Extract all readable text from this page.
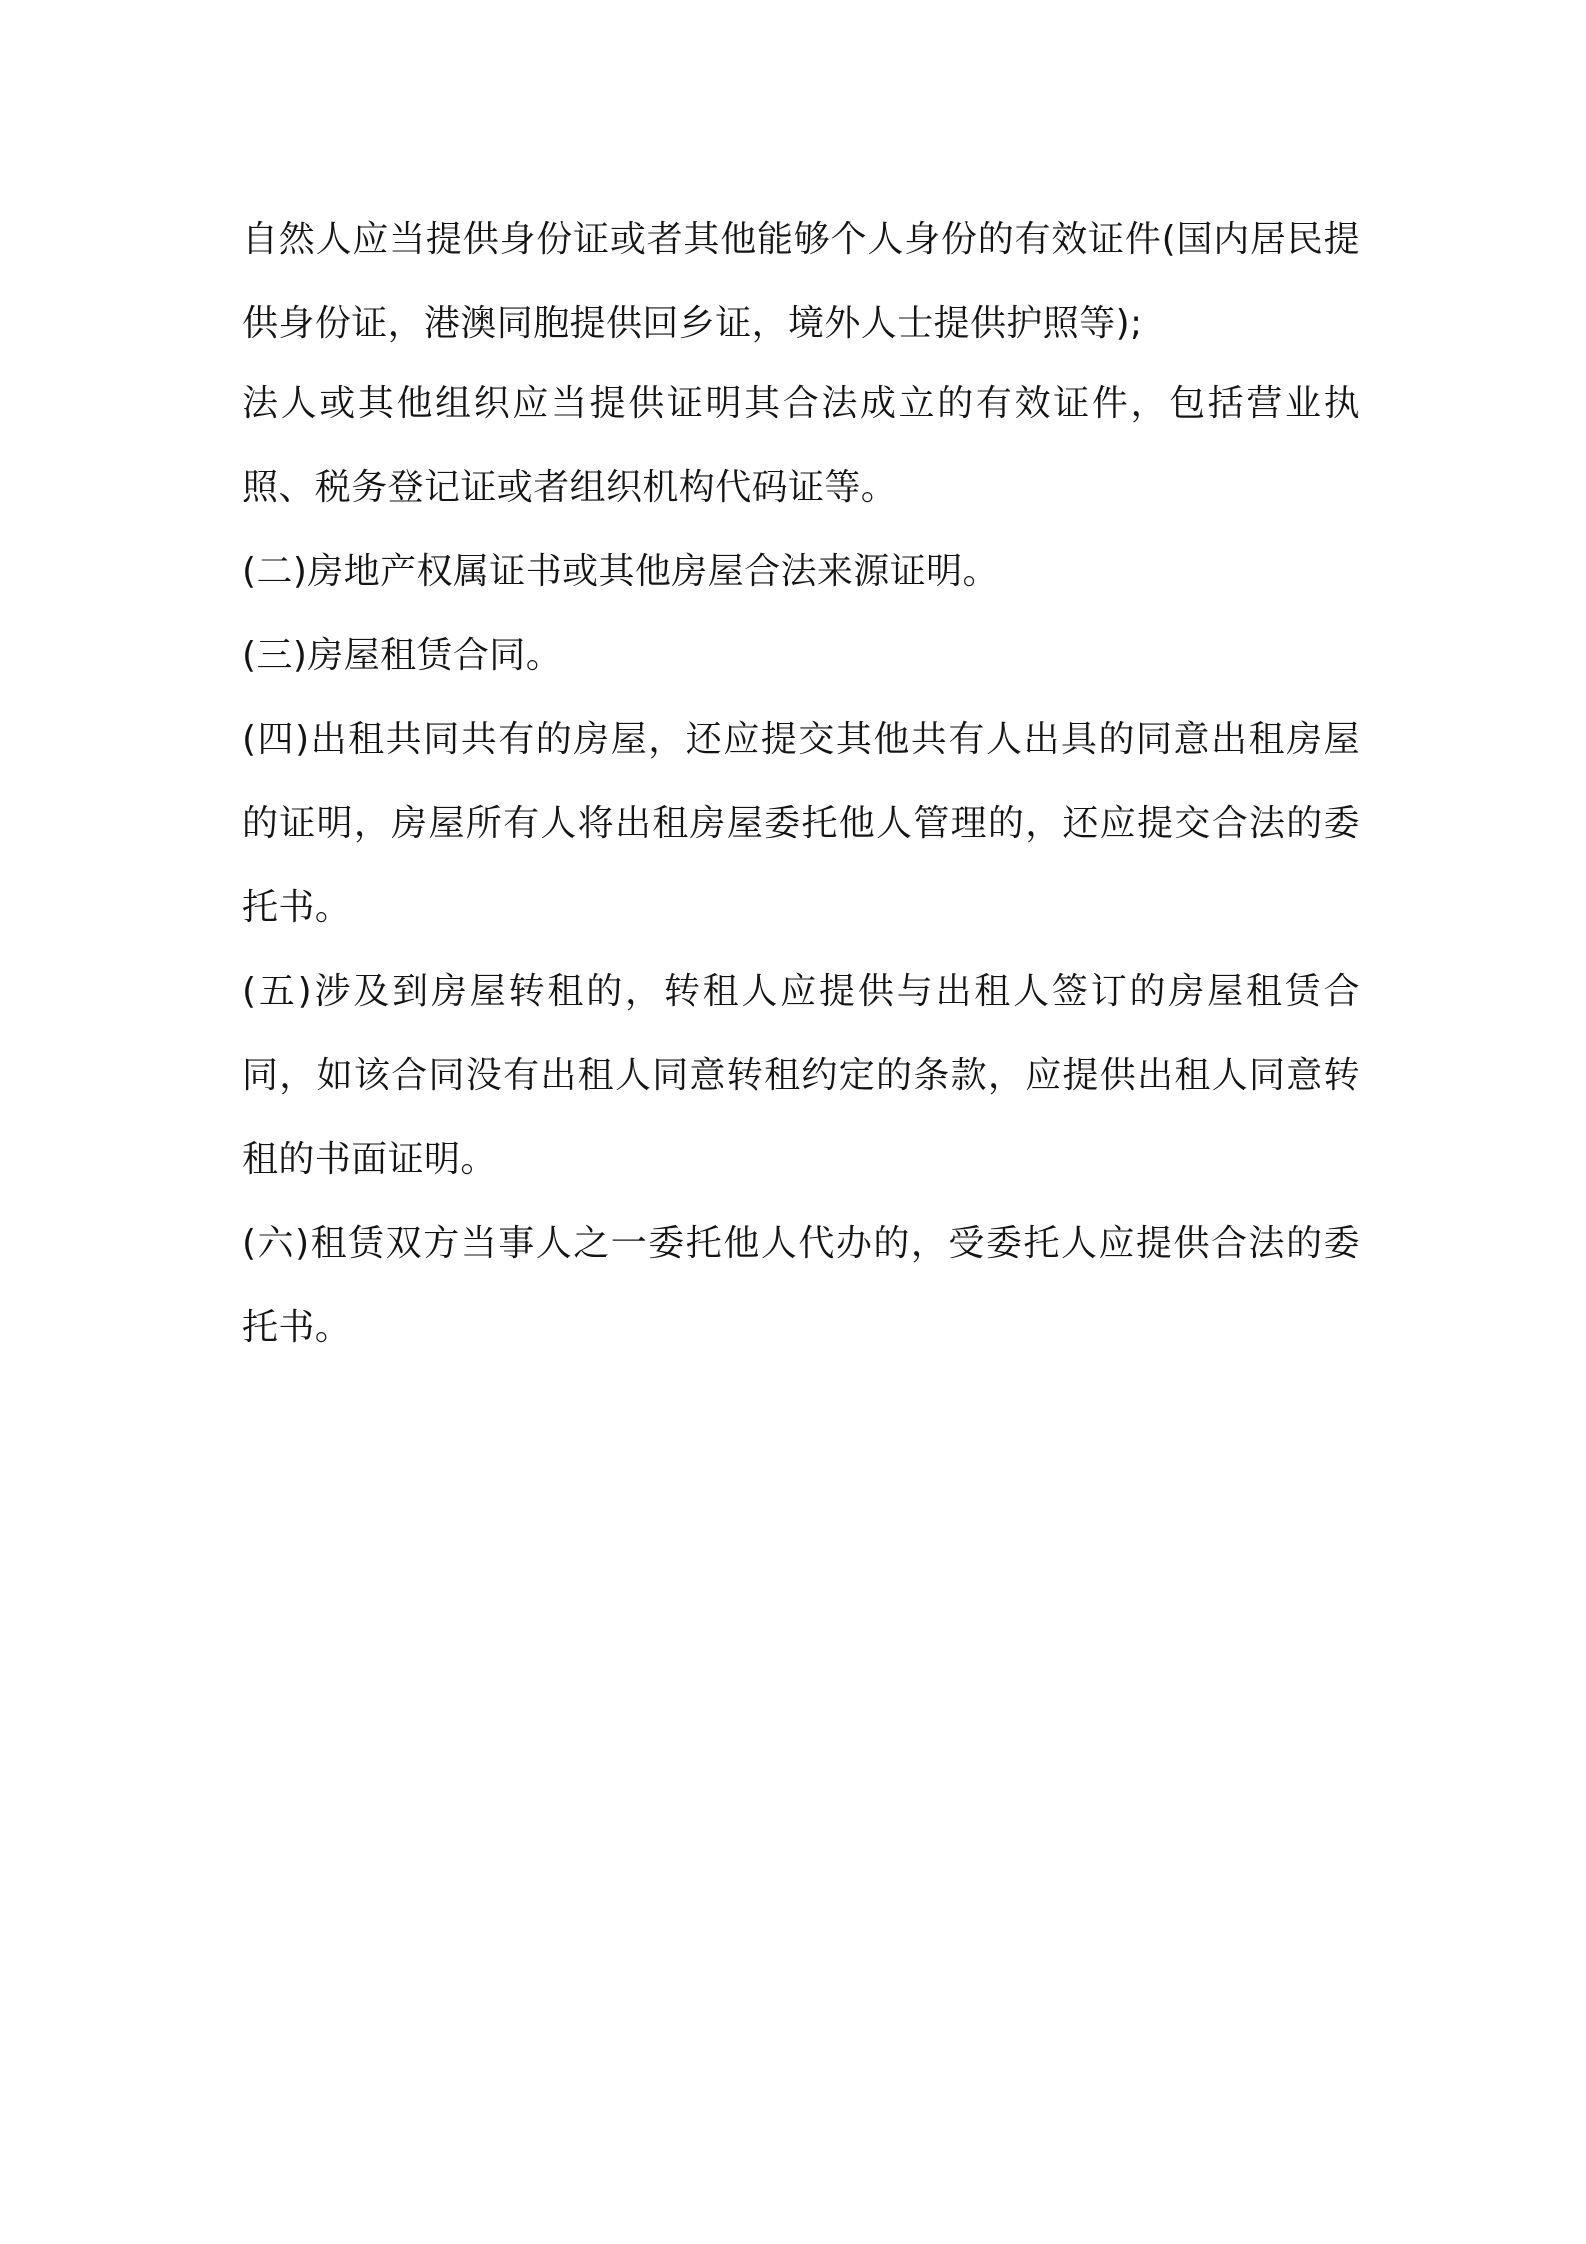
自然人应当提供身份证或者其他能够个人身份的有效证件(国内居民提供身份证，港澳同胞提供回乡证，境外人士提供护照等);

法人或其他组织应当提供证明其合法成立的有效证件，包括营业执照、税务登记证或者组织机构代码证等。

(二)房地产权属证书或其他房屋合法来源证明。

(三)房屋租赁合同。

(四)出租共同共有的房屋，还应提交其他共有人出具的同意出租房屋的证明，房屋所有人将出租房屋委托他人管理的，还应提交合法的委托书。

(五)涉及到房屋转租的，转租人应提供与出租人签订的房屋租赁合同，如该合同没有出租人同意转租约定的条款，应提供出租人同意转租的书面证明。

(六)租赁双方当事人之一委托他人代办的，受委托人应提供合法的委托书。
